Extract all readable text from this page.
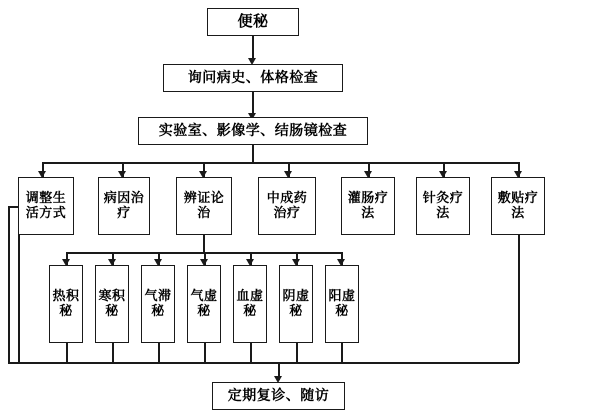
便秘
询问病史、体格检查
实验室、影像学、结肠镜检查
调整生活方式
病因治疗
辨证论治
中成药治疗
灌肠疗法
针灸疗法
敷贴疗法
热积秘
寒积秘
气滞秘
气虚秘
血虚秘
阴虚秘
阳虚秘
定期复诊、随访
